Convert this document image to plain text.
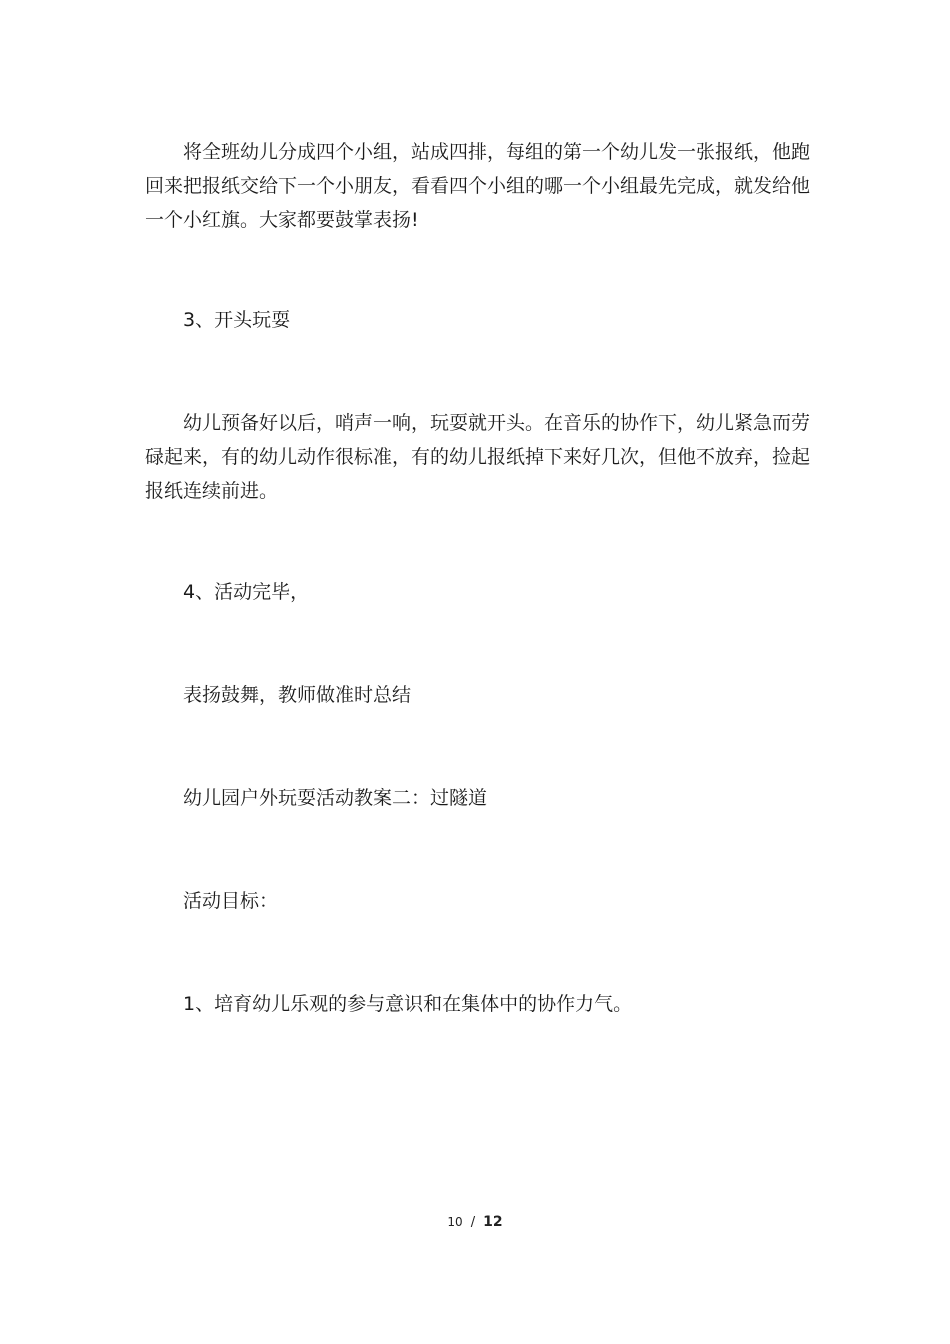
将全班幼儿分成四个小组，站成四排，每组的第一个幼儿发一张报纸，他跑
回来把报纸交给下一个小朋友，看看四个小组的哪一个小组最先完成，就发给他
一个小红旗。大家都要鼓掌表扬!

3、开头玩耍

幼儿预备好以后，哨声一响，玩耍就开头。在音乐的协作下，幼儿紧急而劳
碌起来，有的幼儿动作很标准，有的幼儿报纸掉下来好几次，但他不放弃，捡起
报纸连续前进。

4、活动完毕，

表扬鼓舞，教师做准时总结

幼儿园户外玩耍活动教案二：过隧道

活动目标：

1、培育幼儿乐观的参与意识和在集体中的协作力气。

10 / 12
